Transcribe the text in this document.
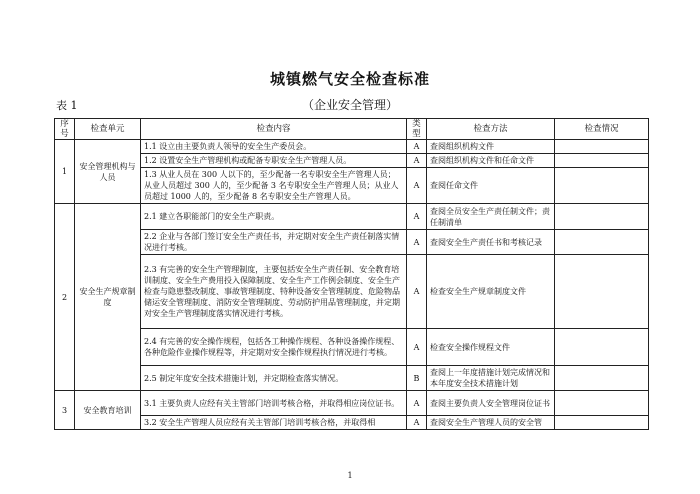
城镇燃气安全检查标准
表 1	（企业安全管理）
序号	检查单元	检查内容	类型	检查方法	检查情况
1	安全管理机构与人员	1.1 设立由主要负责人领导的安全生产委员会。	A	查阅组织机构文件	
		1.2 设置安全生产管理机构或配备专职安全生产管理人员。	A	查阅组织机构文件和任命文件	
		1.3 从业人员在 300 人以下的，至少配备一名专职安全生产管理人员；从业人员超过 300 人的，至少配备 3 名专职安全生产管理人员；从业人员超过 1000 人的，至少配备 8 名专职安全生产管理人员。	A	查阅任命文件	
2	安全生产规章制度	2.1 建立各职能部门的安全生产职责。	A	查阅全员安全生产责任制文件；责任制清单	
		2.2 企业与各部门签订安全生产责任书，并定期对安全生产责任制落实情况进行考核。	A	查阅安全生产责任书和考核记录	
		2.3 有完善的安全生产管理制度，主要包括安全生产责任制、安全教育培训制度、安全生产费用投入保障制度、安全生产工作例会制度、安全生产检查与隐患整改制度、事故管理制度、特种设备安全管理制度、危险物品储运安全管理制度、消防安全管理制度、劳动防护用品管理制度，并定期对安全生产管理制度落实情况进行考核。	A	检查安全生产规章制度文件	
		2.4 有完善的安全操作规程，包括各工种操作规程、各种设备操作规程、各种危险作业操作规程等，并定期对安全操作规程执行情况进行考核。	A	检查安全操作规程文件	
		2.5 制定年度安全技术措施计划，并定期检查落实情况。	B	查阅上一年度措施计划完成情况和本年度安全技术措施计划	
3	安全教育培训	3.1 主要负责人应经有关主管部门培训考核合格，并取得相应岗位证书。	A	查阅主要负责人安全管理岗位证书	
		3.2 安全生产管理人员应经有关主管部门培训考核合格，并取得相	A	查阅安全生产管理人员的安全管	
1
